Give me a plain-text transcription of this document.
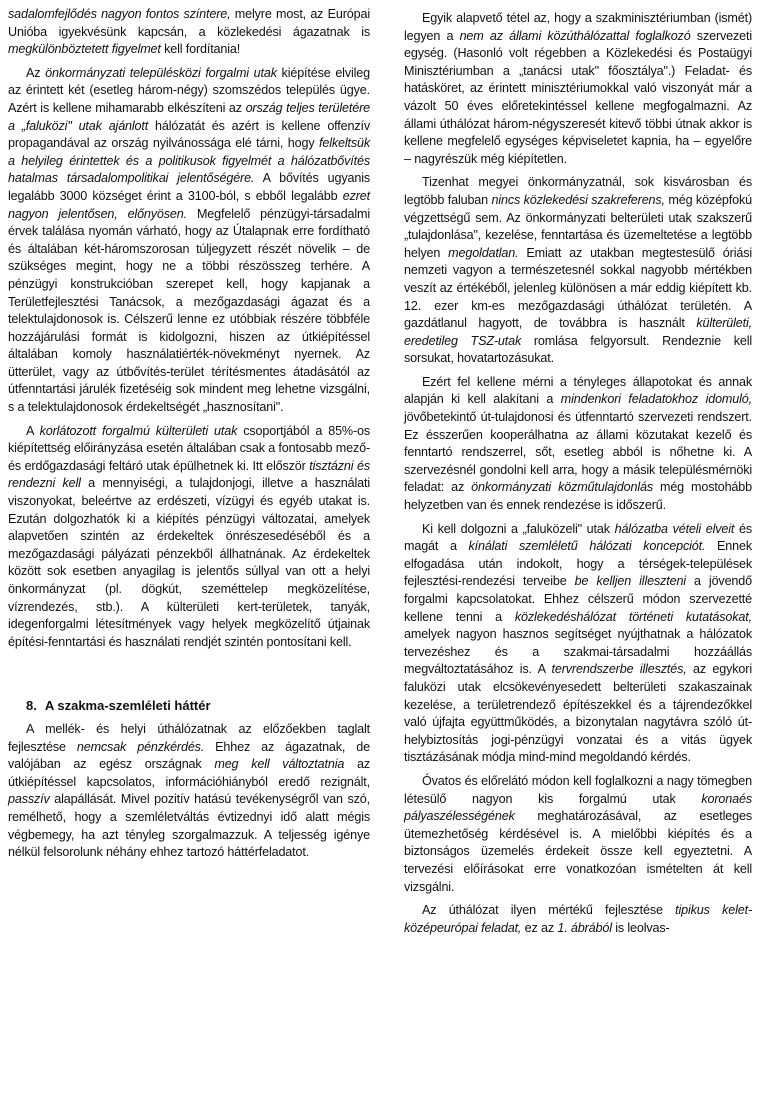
sadalomfejlődés nagyon fontos színtere, melyre most, az Európai Unióba igyekvésünk kapcsán, a közlekedési ágazatnak is megkülönböztetett figyelmet kell fordítania!

Az önkormányzati településközi forgalmi utak kiépítése elvileg az érintett két (esetleg három-négy) szomszédos település ügye. Azért is kellene mihamarabb elkészíteni az ország teljes területére a „faluközi" utak ajánlott hálózatát és azért is kellene offenzív propagandával az ország nyilvánossága elé tárni, hogy felkeltsük a helyileg érintettek és a politikusok figyelmét a hálózatbővítés hatalmas társadalompolitikai jelentőségére. A bővítés ugyanis legalább 3000 községet érint a 3100-ból, s ebből legalább ezret nagyon jelentősen, előnyösen. Megfelelő pénzügyi-társadalmi érvek találása nyomán várható, hogy az Útalapnak erre fordítható és általában két-háromszorosan túljegyzett részét növelik – de szükséges megint, hogy ne a többi részösszeg terhére. A pénzügyi konstrukcióban szerepet kell, hogy kapjanak a Területfejlesztési Tanácsok, a mezőgazdasági ágazat és a telektulajdonosok is. Célszerű lenne ez utóbbiak részére többféle hozzájárulási formát is kidolgozni, hiszen az útkiépítéssel általában komoly használatiérték-növekményt nyernek. Az ütterület, vagy az útbővítés-terület térítésmentes átadásától az útfenntartási járulék fizetéséig sok mindent meg lehetne vizsgálni, s a telektulajdonosok érdekeltségét „hasznosítani".

A korlátozott forgalmú külterületi utak csoportjából a 85%-os kiépítettség előirányzása esetén általában csak a fontosabb mező- és erdőgazdasági feltáró utak épülhetnek ki. Itt először tisztázni és rendezni kell a mennyiségi, a tulajdonjogi, illetve a használati viszonyokat, beleértve az erdészeti, vízügyi és egyéb utakat is. Ezután dolgozhatók ki a kiépítés pénzügyi változatai, amelyek alapvetően szintén az érdekeltek önrészesedéséből és a mezőgazdasági pályázati pénzekből állhatnának. Az érdekeltek között sok esetben anyagilag is jelentős súllyal van ott a helyi önkormányzat (pl. dögkút, szeméttelep megközelítése, vízrendezés, stb.). A külterületi kert-területek, tanyák, idegenforgalmi létesítmények vagy helyek megközelítő útjainak építési-fenntartási és használati rendjét szintén pontosítani kell.

8. A szakma-szemléleti háttér

A mellék- és helyi úthálózatnak az előzőekben taglalt fejlesztése nemcsak pénzkérdés. Ehhez az ágazatnak, de valójában az egész országnak meg kell változtatnia az útkiépítéssel kapcsolatos, információhiányból eredő rezignált, passzív alapállását. Mivel pozitív hatású tevékenységről van szó, remélhető, hogy a szemléletváltás évtizednyi idő alatt mégis végbemegy, ha azt tényleg szorgalmazzuk. A teljesség igénye nélkül felsorolunk néhány ehhez tartozó háttérfeladatot.

Egyik alapvető tétel az, hogy a szakminisztériumban (ismét) legyen a nem az állami közúthálózattal foglalkozó szervezeti egység. (Hasonló volt régebben a Közlekedési és Postaügyi Minisztériumban a „tanácsi utak" főosztálya".) Feladat- és hatásköret, az érintett minisztériumokkal való viszonyát már a vázolt 50 éves előretekintéssel kellene megfogalmazni. Az állami úthálózat három-négyszeresét kitevő többi útnak akkor is kellene megfelelő egységes képviseletet kapnia, ha – egyelőre – nagyrészük még kiépítetlen.

Tizenhat megyei önkormányzatnál, sok kisvárosban és legtöbb faluban nincs közlekedési szakreferens, még középfokú végzettségű sem. Az önkormányzati belterületi utak szakszerű „tulajdonlása", kezelése, fenntartása és üzemeltetése a legtöbb helyen megoldatlan. Emiatt az utakban megtestesülő óriási nemzeti vagyon a természetesnél sokkal nagyobb mértékben veszít az értékéből, jelenleg különösen a már eddig kiépített kb. 12. ezer km-es mezőgazdasági úthálózat területén. A gazdátlanul hagyott, de továbbra is használt külterületi, eredetileg TSZ-utak romlása felgyorsult. Rendeznie kell sorsukat, hovatartozásukat.

Ezért fel kellene mérni a tényleges állapotokat és annak alapján ki kell alakítani a mindenkori feladatokhoz idomuló, jövőbetekintő út-tulajdonosi és útfenntartó szervezeti rendszert. Ez ésszerűen kooperálhatna az állami közutakat kezelő és fenntartó rendszerrel, sőt, esetleg abból is nőhetne ki. A szervezésnél gondolni kell arra, hogy a másik településmérnöki feladat: az önkormányzati közműtulajdonlás még mostohább helyzetben van és ennek rendezése is időszerű.

Ki kell dolgozni a „faluközeli" utak hálózatba vételi elveit és magát a kínálati szemléletű hálózati koncepciót. Ennek elfogadása után indokolt, hogy a térségek-települések fejlesztési-rendezési terveibe be kelljen illeszteni a jövendő forgalmi kapcsolatokat. Ehhez célszerű módon szervezetté kellene tenni a közlekedéshálózat történeti kutatásokat, amelyek nagyon hasznos segítséget nyújthatnak a hálózatok tervezéshez és a szakmai-társadalmi hozzáállás megváltoztatásához is. A tervrendszerbe illesztés, az egykori faluközi utak elcsökevényesedett belterületi szakaszainak kezelése, a területrendező építészekkel és a tájrendezőkkel való újfajta együttműködés, a bizonytalan nagytávra szóló út-helybiztosítás jogi-pénzügyi vonzatai és a vitás ügyek tisztázásának módja mind-mind megoldandó kérdés.

Óvatos és előrelátó módon kell foglalkozni a nagy tömegben létesülő nagyon kis forgalmú utak koronaés pályaszélességének meghatározásával, az esetleges ütemezhetőség kérdésével is. A mielőbbi kiépítés és a biztonságos üzemelés érdekeit össze kell egyeztetni. A tervezési előírásokat erre vonatkozóan ismételten át kell vizsgálni.

Az úthálózat ilyen mértékű fejlesztése tipikus kelet-középeurópai feladat, ez az 1. ábrából is leolvas-
